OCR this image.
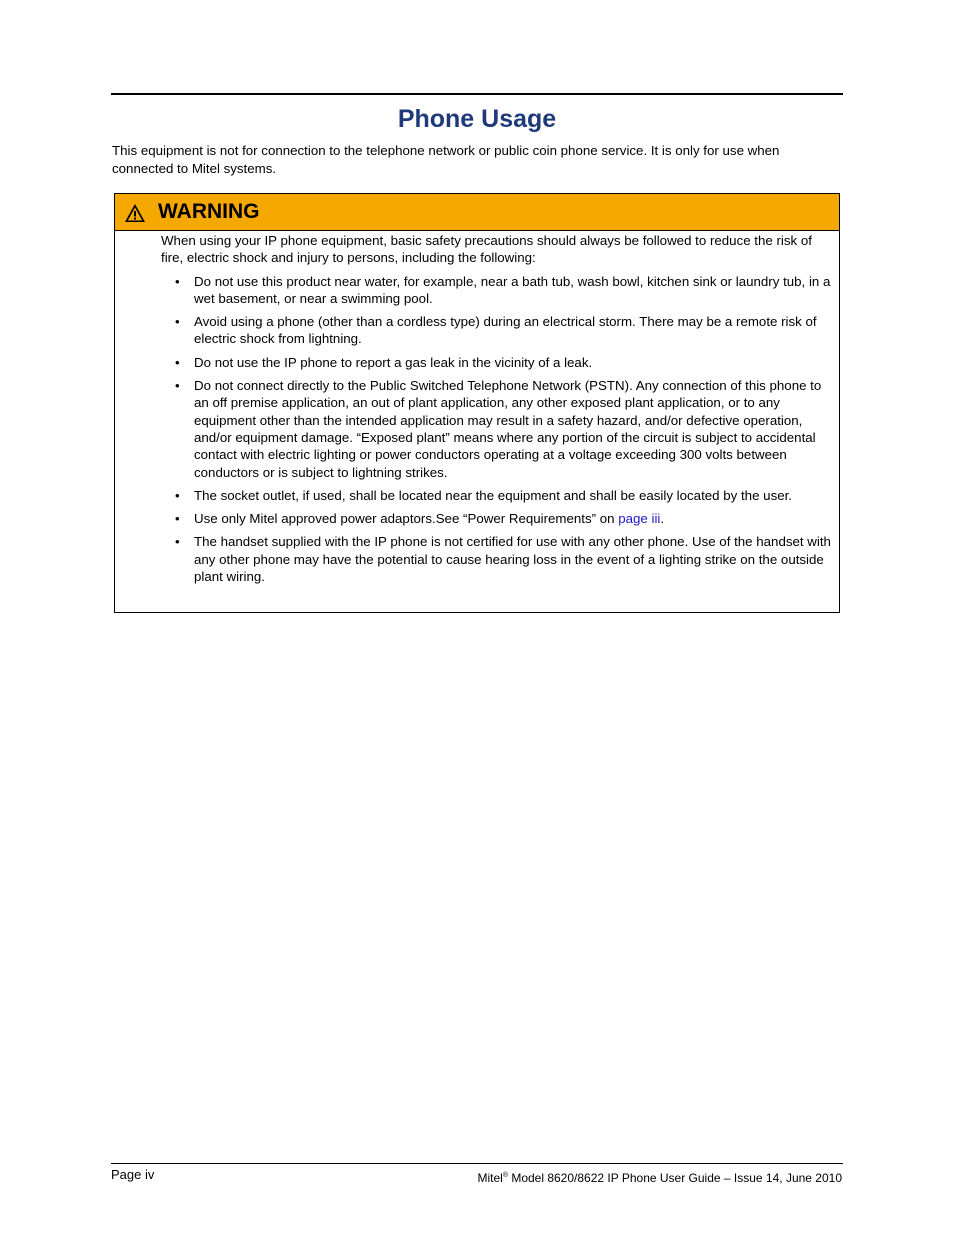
Phone Usage

This equipment is not for connection to the telephone network or public coin phone service. It is only for use when connected to Mitel systems.

WARNING

When using your IP phone equipment, basic safety precautions should always be followed to reduce the risk of fire, electric shock and injury to persons, including the following:

• Do not use this product near water, for example, near a bath tub, wash bowl, kitchen sink or laundry tub, in a wet basement, or near a swimming pool.
• Avoid using a phone (other than a cordless type) during an electrical storm. There may be a remote risk of electric shock from lightning.
• Do not use the IP phone to report a gas leak in the vicinity of a leak.
• Do not connect directly to the Public Switched Telephone Network (PSTN). Any connection of this phone to an off premise application, an out of plant application, any other exposed plant application, or to any equipment other than the intended application may result in a safety hazard, and/or defective operation, and/or equipment damage. “Exposed plant” means where any portion of the circuit is subject to accidental contact with electric lighting or power conductors operating at a voltage exceeding 300 volts between conductors or is subject to lightning strikes.
• The socket outlet, if used, shall be located near the equipment and shall be easily located by the user.
• Use only Mitel approved power adaptors.See “Power Requirements” on page iii.
• The handset supplied with the IP phone is not certified for use with any other phone. Use of the handset with any other phone may have the potential to cause hearing loss in the event of a lighting strike on the outside plant wiring.
Page iv	Mitel® Model 8620/8622 IP Phone User Guide – Issue 14, June 2010
